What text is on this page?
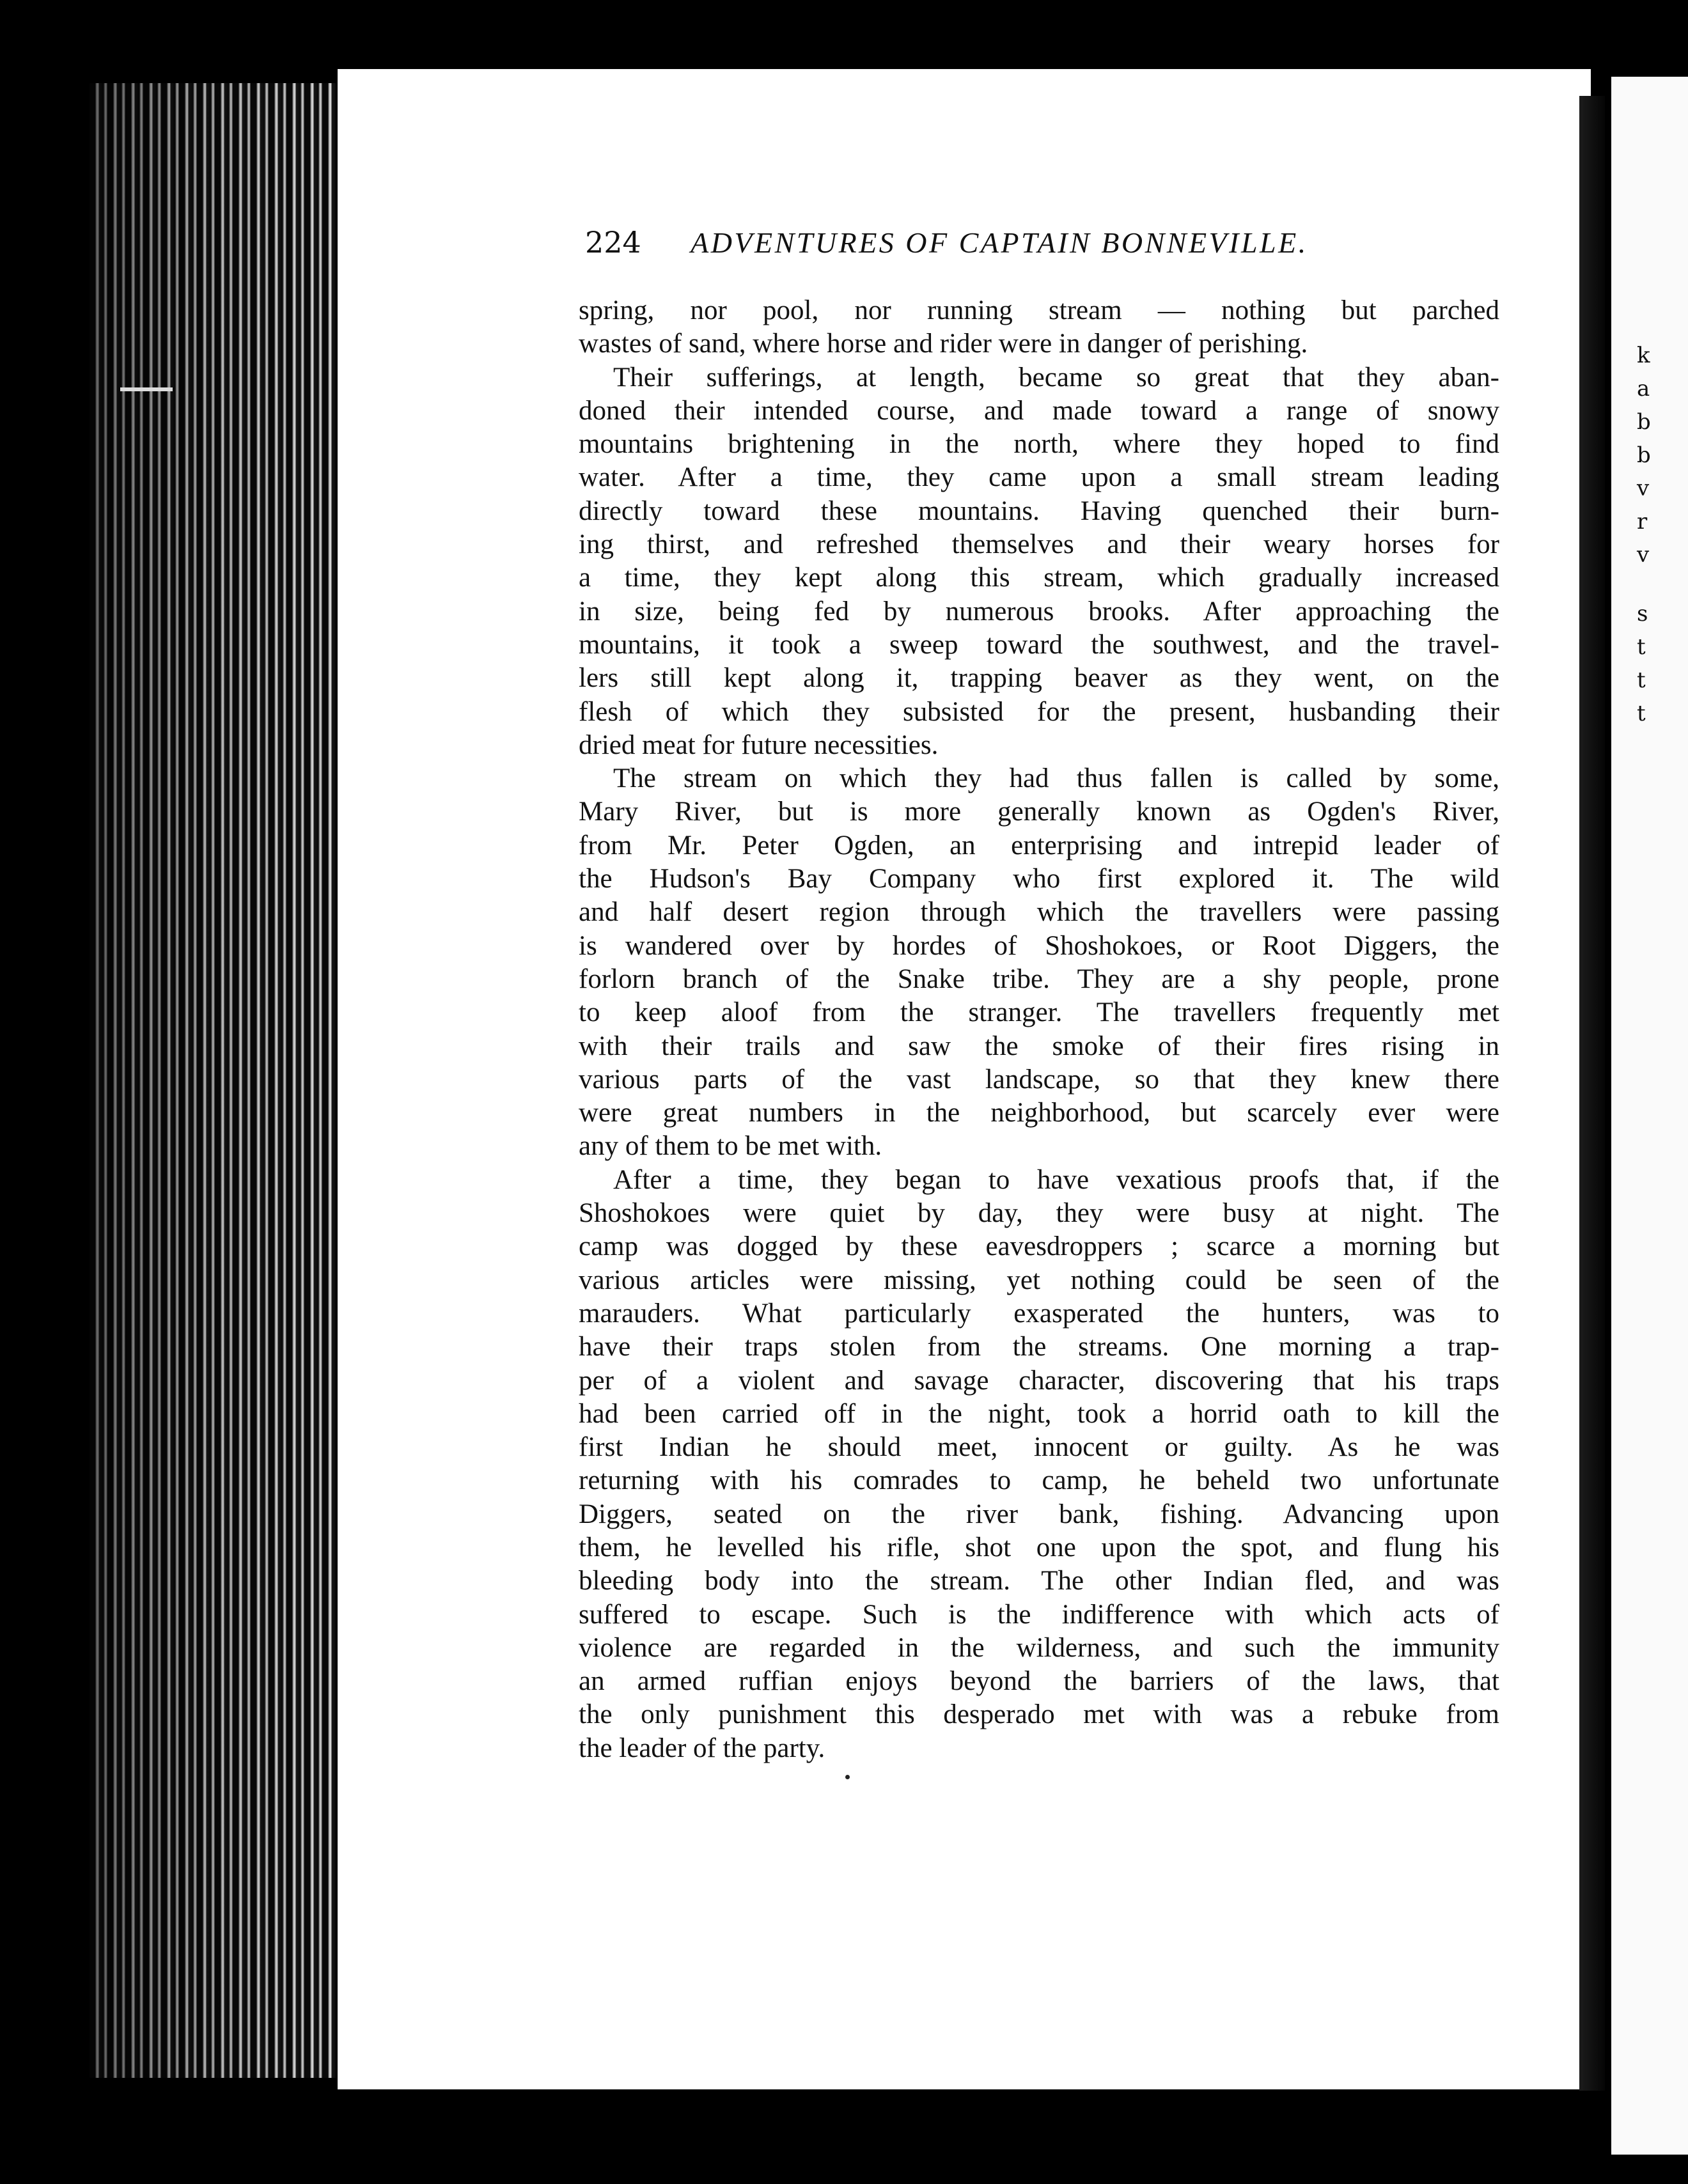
k
a
b
b
v
r
v
s
t
t
t
224 ADVENTURES OF CAPTAIN BONNEVILLE.
spring, nor pool, nor running stream — nothing but parched
wastes of sand, where horse and rider were in danger of perishing.
Their sufferings, at length, became so great that they aban-
doned their intended course, and made toward a range of snowy
mountains brightening in the north, where they hoped to find
water. After a time, they came upon a small stream leading
directly toward these mountains. Having quenched their burn-
ing thirst, and refreshed themselves and their weary horses for
a time, they kept along this stream, which gradually increased
in size, being fed by numerous brooks. After approaching the
mountains, it took a sweep toward the southwest, and the travel-
lers still kept along it, trapping beaver as they went, on the
flesh of which they subsisted for the present, husbanding their
dried meat for future necessities.
The stream on which they had thus fallen is called by some,
Mary River, but is more generally known as Ogden's River,
from Mr. Peter Ogden, an enterprising and intrepid leader of
the Hudson's Bay Company who first explored it. The wild
and half desert region through which the travellers were passing
is wandered over by hordes of Shoshokoes, or Root Diggers, the
forlorn branch of the Snake tribe. They are a shy people, prone
to keep aloof from the stranger. The travellers frequently met
with their trails and saw the smoke of their fires rising in
various parts of the vast landscape, so that they knew there
were great numbers in the neighborhood, but scarcely ever were
any of them to be met with.
After a time, they began to have vexatious proofs that, if the
Shoshokoes were quiet by day, they were busy at night. The
camp was dogged by these eavesdroppers ; scarce a morning but
various articles were missing, yet nothing could be seen of the
marauders. What particularly exasperated the hunters, was to
have their traps stolen from the streams. One morning a trap-
per of a violent and savage character, discovering that his traps
had been carried off in the night, took a horrid oath to kill the
first Indian he should meet, innocent or guilty. As he was
returning with his comrades to camp, he beheld two unfortunate
Diggers, seated on the river bank, fishing. Advancing upon
them, he levelled his rifle, shot one upon the spot, and flung his
bleeding body into the stream. The other Indian fled, and was
suffered to escape. Such is the indifference with which acts of
violence are regarded in the wilderness, and such the immunity
an armed ruffian enjoys beyond the barriers of the laws, that
the only punishment this desperado met with was a rebuke from
the leader of the party.
